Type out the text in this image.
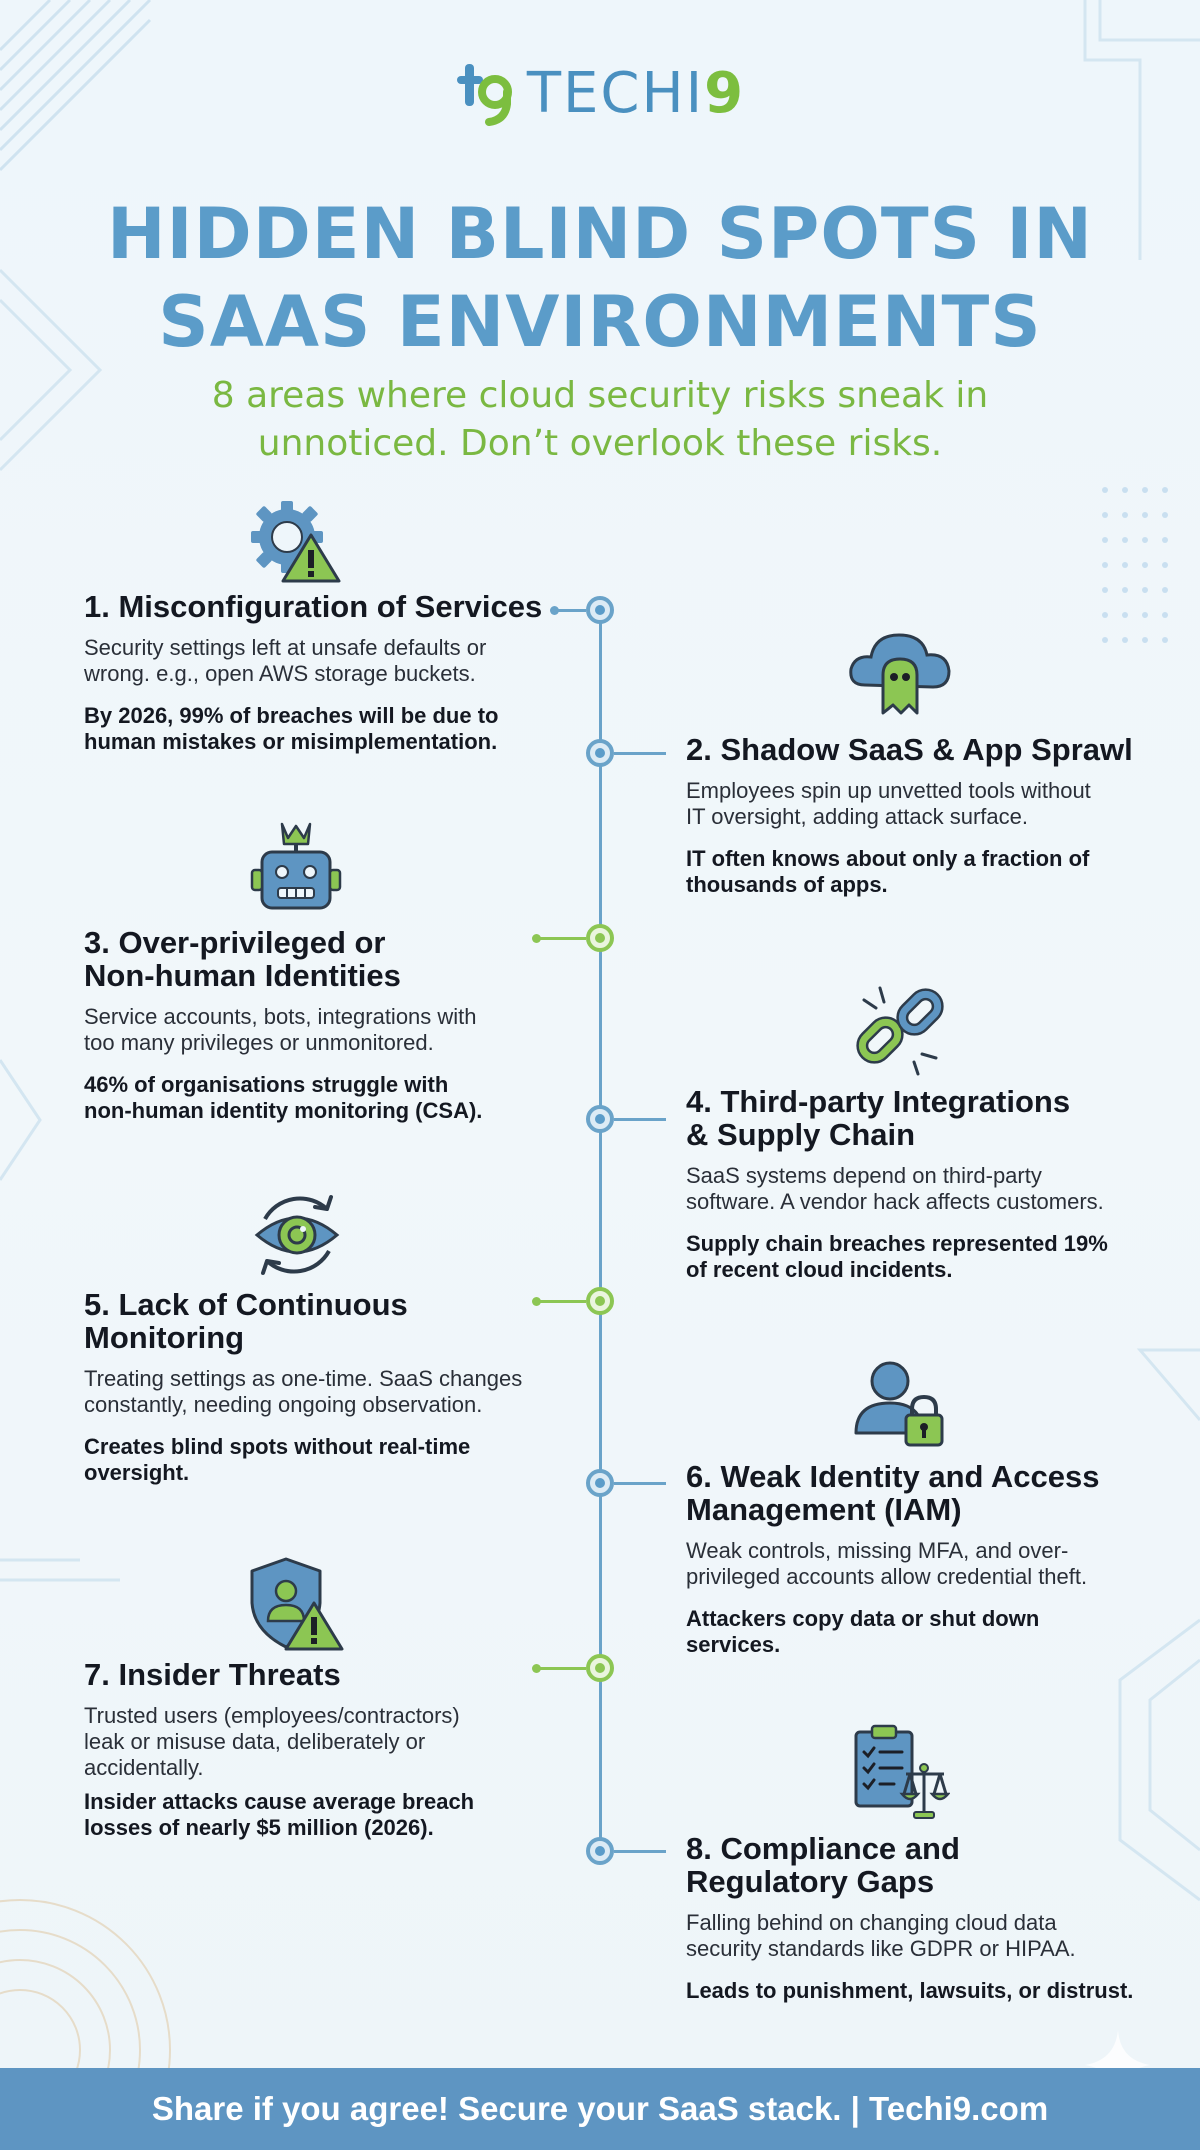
TECHI9
HIDDEN BLIND SPOTS IN
SAAS ENVIRONMENTS
8 areas where cloud security risks sneak in
unnoticed. Don’t overlook these risks.
1. Misconfiguration of Services

Security settings left at unsafe defaults or
wrong. e.g., open AWS storage buckets.

By 2026, 99% of breaches will be due to
human mistakes or misimplementation.	2. Shadow SaaS & App Sprawl

Employees spin up unvetted tools without
IT oversight, adding attack surface.

IT often knows about only a fraction of
thousands of apps.

3. Over-privileged or
Non-human Identities

Service accounts, bots, integrations with
too many privileges or unmonitored.

46% of organisations struggle with
non-human identity monitoring (CSA).	4. Third-party Integrations
& Supply Chain

SaaS systems depend on third-party
software. A vendor hack affects customers.

Supply chain breaches represented 19%
of recent cloud incidents.

5. Lack of Continuous
Monitoring

Treating settings as one-time. SaaS changes
constantly, needing ongoing observation.

Creates blind spots without real-time
oversight.	6. Weak Identity and Access
Management (IAM)

Weak controls, missing MFA, and over-
privileged accounts allow credential theft.

Attackers copy data or shut down
services.

7. Insider Threats

Trusted users (employees/contractors)
leak or misuse data, deliberately or
accidentally.

Insider attacks cause average breach
losses of nearly $5 million (2026).

8. Compliance and
Regulatory Gaps

Falling behind on changing cloud data
security standards like GDPR or HIPAA.

Leads to punishment, lawsuits, or distrust.

Share if you agree! Secure your SaaS stack. | Techi9.com
